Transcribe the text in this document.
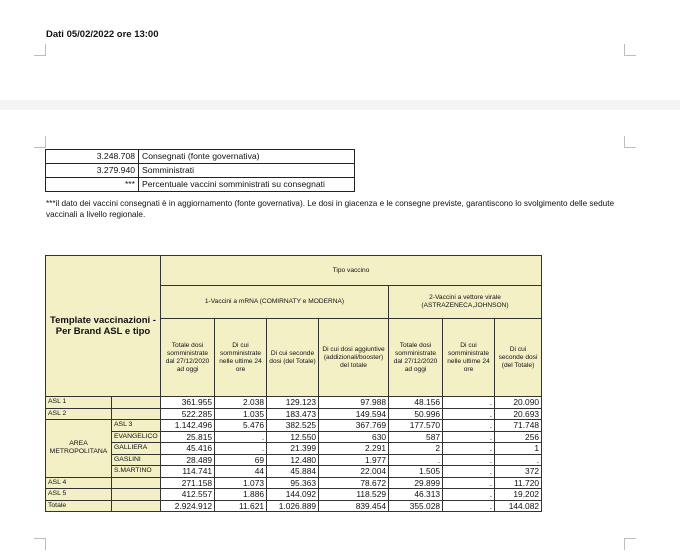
Dati 05/02/2022 ore 13:00
3.248.708	Consegnati (fonte governativa)
3.279.940	Somministrati
***	Percentuale vaccini somministrati su consegnati
***il dato dei vaccini consegnati è in aggiornamento (fonte governativa). Le dosi in giacenza e le consegne previste, garantiscono lo svolgimento delle sedute vaccinali a livello regionale.
Template vaccinazioni - Per Brand ASL e tipo		Tipo vaccino						
		1-Vaccini a mRNA (COMIRNATY e MODERNA)				2-Vaccini a vettore virale (ASTRAZENECA,JOHNSON)		
		Totale dosi somministrate dal 27/12/2020 ad oggi	Di cui somministrate nelle ultime 24 ore	Di cui seconde dosi (del Totale)	Di cui dosi aggiuntive (addizionali/booster) del totale	Totale dosi somministrate dal 27/12/2020 ad oggi	Di cui somministrate nelle ultime 24 ore	Di cui seconde dosi (del Totale)
ASL 1		361.955	2.038	129.123	97.988	48.156	.	20.090
ASL 2		522.285	1.035	183.473	149.594	50.996	.	20.693
AREA METROPOLITANA	ASL 3	1.142.496	5.476	382.525	367.769	177.570	.	71.748
	EVANGELICO	25.815	.	12.550	630	587	.	256
	GALLIERA	45.416	.	21.399	2.291	2	.	1
	GASLINI	28.489	69	12.480	1.977	.	.	.
	S.MARTINO	114.741	44	45.884	22.004	1.505	.	372
ASL 4		271.158	1.073	95.363	78.672	29.899	.	11.720
ASL 5		412.557	1.886	144.092	118.529	46.313	.	19.202
Totale		2.924.912	11.621	1.026.889	839.454	355.028	.	144.082
